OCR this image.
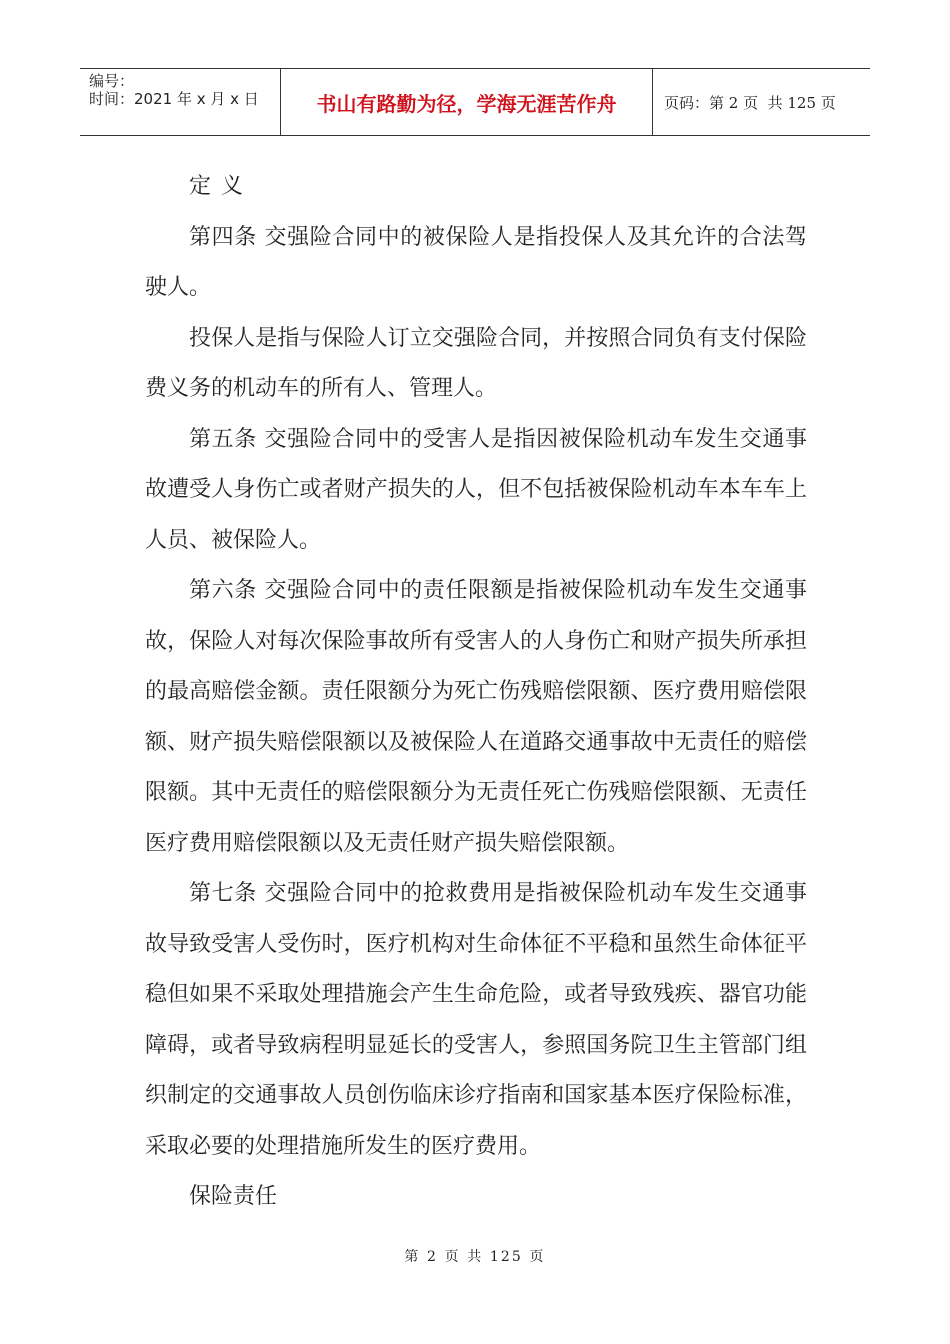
编号：
时间：2021 年 x 月 x 日	书山有路勤为径，学海无涯苦作舟	页码：第 2 页  共 125 页

定义

第四条 交强险合同中的被保险人是指投保人及其允许的合法驾驶人。

投保人是指与保险人订立交强险合同，并按照合同负有支付保险费义务的机动车的所有人、管理人。

第五条 交强险合同中的受害人是指因被保险机动车发生交通事故遭受人身伤亡或者财产损失的人，但不包括被保险机动车本车车上人员、被保险人。

第六条 交强险合同中的责任限额是指被保险机动车发生交通事故，保险人对每次保险事故所有受害人的人身伤亡和财产损失所承担的最高赔偿金额。责任限额分为死亡伤残赔偿限额、医疗费用赔偿限额、财产损失赔偿限额以及被保险人在道路交通事故中无责任的赔偿限额。其中无责任的赔偿限额分为无责任死亡伤残赔偿限额、无责任医疗费用赔偿限额以及无责任财产损失赔偿限额。

第七条 交强险合同中的抢救费用是指被保险机动车发生交通事故导致受害人受伤时，医疗机构对生命体征不平稳和虽然生命体征平稳但如果不采取处理措施会产生生命危险，或者导致残疾、器官功能障碍，或者导致病程明显延长的受害人，参照国务院卫生主管部门组织制定的交通事故人员创伤临床诊疗指南和国家基本医疗保险标准，采取必要的处理措施所发生的医疗费用。

保险责任

第 2 页 共 125 页
